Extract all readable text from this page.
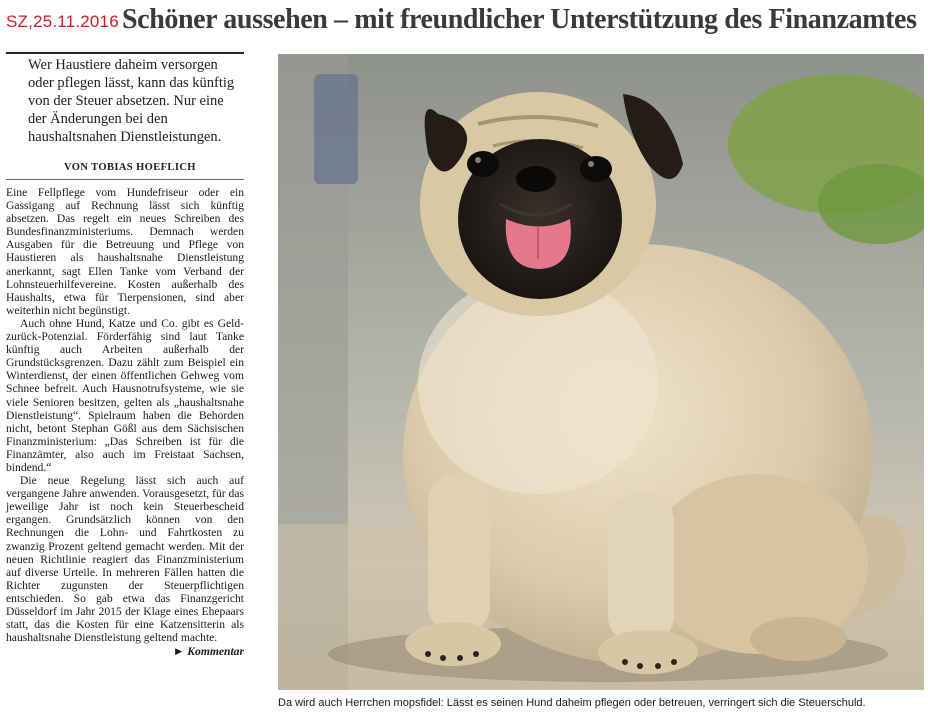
SZ,25.11.2016 Schöner aussehen – mit freundlicher Unterstützung des Finanzamtes
Wer Haustiere daheim versorgen oder pflegen lässt, kann das künftig von der Steuer absetzen. Nur eine der Änderungen bei den haushaltsnahen Dienstleistungen.
VON TOBIAS HOEFLICH

Eine Fellpflege vom Hundefriseur oder ein Gassigang auf Rechnung lässt sich künftig absetzen. Das regelt ein neues Schreiben des Bundesfinanzministeriums. Demnach werden Ausgaben für die Betreuung und Pflege von Haustieren als haushaltsnahe Dienstleistung anerkannt, sagt Ellen Tanke vom Verband der Lohnsteuerhilfevereine. Kosten außerhalb des Haushalts, etwa für Tierpensionen, sind aber weiterhin nicht begünstigt.

Auch ohne Hund, Katze und Co. gibt es Geld-zurück-Potenzial. Förderfähig sind laut Tanke künftig auch Arbeiten außerhalb der Grundstücksgrenzen. Dazu zählt zum Beispiel ein Winterdienst, der einen öffentlichen Gehweg vom Schnee befreit. Auch Hausnotrufsysteme, wie sie viele Senioren besitzen, gelten als „haushaltsnahe Dienstleistung“. Spielraum haben die Behorden nicht, betont Stephan Gößl aus dem Sächsischen Finanzministerium: „Das Schreiben ist für die Finanzämter, also auch im Freistaat Sachsen, bindend.“

Die neue Regelung lässt sich auch auf vergangene Jahre anwenden. Vorausgesetzt, für das jeweilige Jahr ist noch kein Steuerbescheid ergangen. Grundsätzlich können von den Rechnungen die Lohn- und Fahrtkosten zu zwanzig Prozent geltend gemacht werden. Mit der neuen Richtlinie reagiert das Finanzministerium auf diverse Urteile. In mehreren Fällen hatten die Richter zugunsten der Steuerpflichtigen entschieden. So gab etwa das Finanzgericht Düsseldorf im Jahr 2015 der Klage eines Ehepaars statt, das die Kosten für eine Katzensitterin als haushaltsnahe Dienstleistung geltend machte.

► Kommentar
Da wird auch Herrchen mopsfidel: Lässt es seinen Hund daheim pflegen oder betreuen, verringert sich die Steuerschuld.
